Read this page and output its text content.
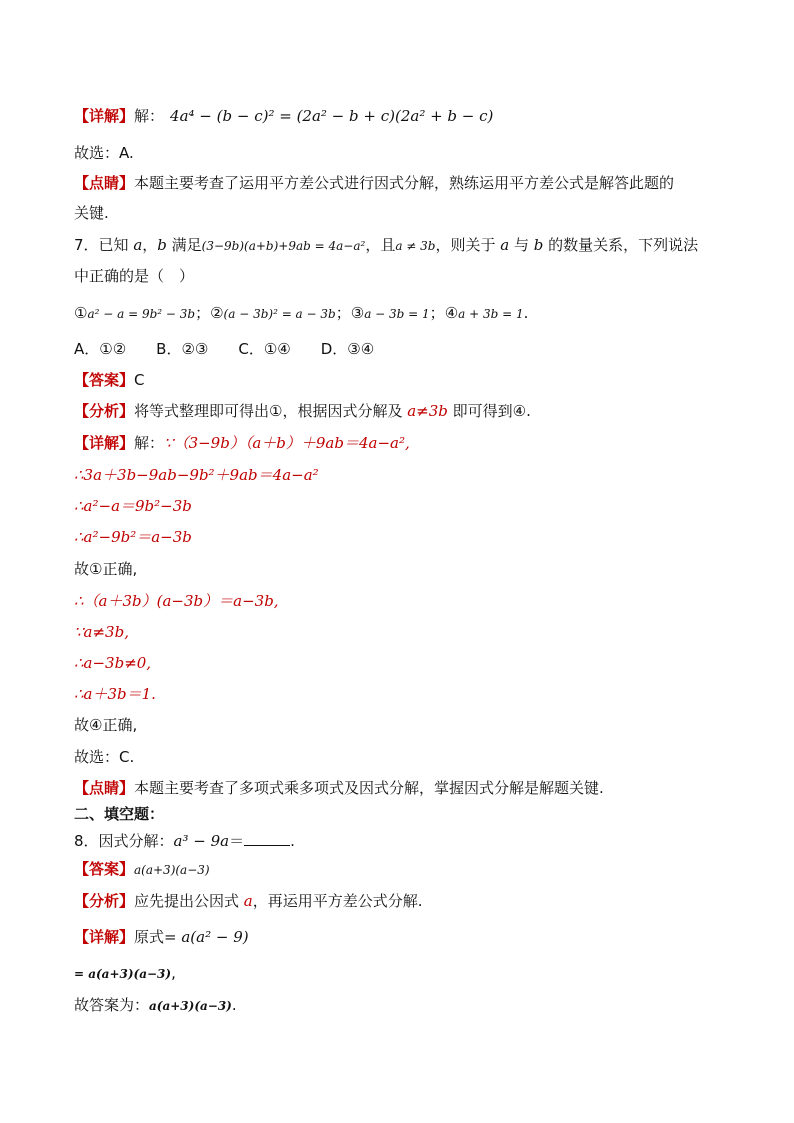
【详解】解： 4a⁴ − (b − c)² = (2a² − b + c)(2a² + b − c)
故选：A.
【点睛】本题主要考查了运用平方差公式进行因式分解，熟练运用平方差公式是解答此题的
关键.
7．已知 a，b 满足(3−9b)(a+b)+9ab = 4a−a²，且a ≠ 3b，则关于 a 与 b 的数量关系，下列说法
中正确的是（　）
①a² − a = 9b² − 3b；②(a − 3b)² = a − 3b；③a − 3b = 1；④a + 3b = 1.
A．①②　　B．②③　　C．①④　　D．③④
【答案】C
【分析】将等式整理即可得出①，根据因式分解及 a≠3b 即可得到④.
【详解】解：∵（3−9b）（a＋b）＋9ab＝4a−a²,
∴3a＋3b−9ab−9b²＋9ab＝4a−a²
∴a²−a＝9b²−3b
∴a²−9b²＝a−3b
故①正确,
∴（a＋3b）(a−3b）＝a−3b,
∵a≠3b,
∴a−3b≠0,
∴a＋3b＝1.
故④正确,
故选：C.
【点睛】本题主要考查了多项式乘多项式及因式分解，掌握因式分解是解题关键.
二、填空题：
8．因式分解：a³ − 9a＝	.
【答案】a(a+3)(a−3)
【分析】应先提出公因式 a，再运用平方差公式分解.
【详解】原式= a(a² − 9)
= a(a+3)(a−3),
故答案为：a(a+3)(a−3).
